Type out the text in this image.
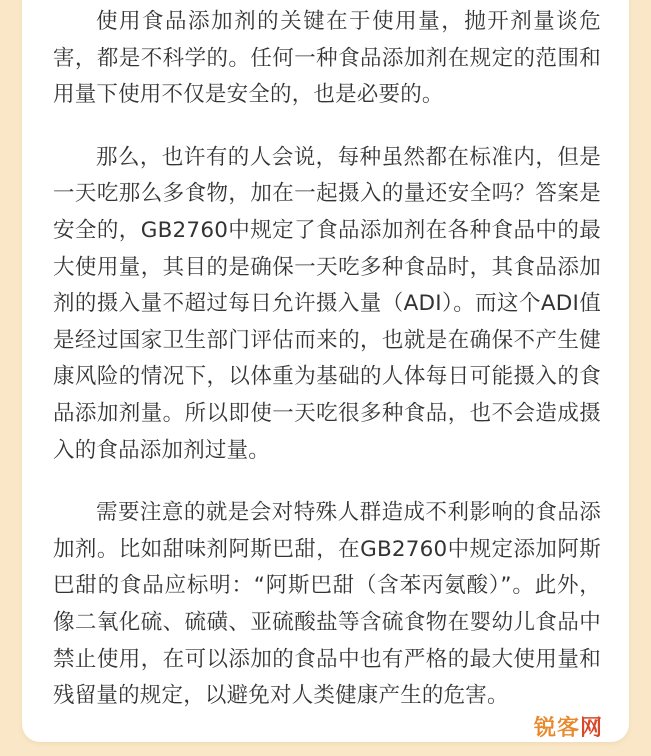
使用食品添加剂的关键在于使用量，抛开剂量谈危害，都是不科学的。任何一种食品添加剂在规定的范围和用量下使用不仅是安全的，也是必要的。

那么，也许有的人会说，每种虽然都在标准内，但是一天吃那么多食物，加在一起摄入的量还安全吗？答案是安全的，GB2760中规定了食品添加剂在各种食品中的最大使用量，其目的是确保一天吃多种食品时，其食品添加剂的摄入量不超过每日允许摄入量（ADI）。而这个ADI值是经过国家卫生部门评估而来的，也就是在确保不产生健康风险的情况下，以体重为基础的人体每日可能摄入的食品添加剂量。所以即使一天吃很多种食品，也不会造成摄入的食品添加剂过量。

需要注意的就是会对特殊人群造成不利影响的食品添加剂。比如甜味剂阿斯巴甜，在GB2760中规定添加阿斯巴甜的食品应标明：“阿斯巴甜（含苯丙氨酸）”。此外，像二氧化硫、硫磺、亚硫酸盐等含硫食物在婴幼儿食品中禁止使用，在可以添加的食品中也有严格的最大使用量和残留量的规定，以避免对人类健康产生的危害。

锐客网
